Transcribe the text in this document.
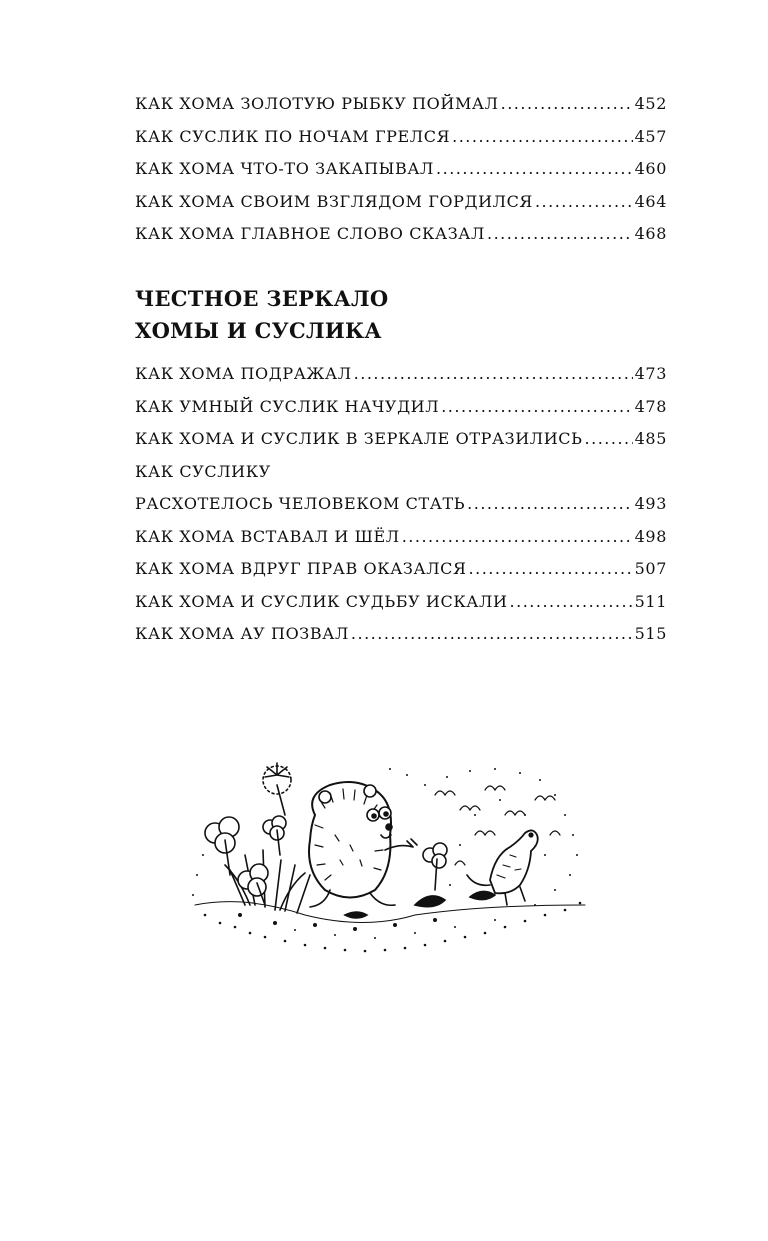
КАК ХОМА ЗОЛОТУЮ РЫБКУ ПОЙМАЛ .....	452
КАК СУСЛИК ПО НОЧАМ ГРЕЛСЯ .....	457
КАК ХОМА ЧТО-ТО ЗАКАПЫВАЛ .....	460
КАК ХОМА СВОИМ ВЗГЛЯДОМ ГОРДИЛСЯ .....	464
КАК ХОМА ГЛАВНОЕ СЛОВО СКАЗАЛ .....	468
ЧЕСТНОЕ ЗЕРКАЛО
ХОМЫ И СУСЛИКА
КАК ХОМА ПОДРАЖАЛ .....	473
КАК УМНЫЙ СУСЛИК НАЧУДИЛ .....	478
КАК ХОМА И СУСЛИК В ЗЕРКАЛЕ ОТРАЗИЛИСЬ .....	485
КАК СУСЛИКУ
РАСХОТЕЛОСЬ ЧЕЛОВЕКОМ СТАТЬ .....	493
КАК ХОМА ВСТАВАЛ И ШЁЛ .....	498
КАК ХОМА ВДРУГ ПРАВ ОКАЗАЛСЯ .....	507
КАК ХОМА И СУСЛИК СУДЬБУ ИСКАЛИ .....	511
КАК ХОМА АУ ПОЗВАЛ .....	515
